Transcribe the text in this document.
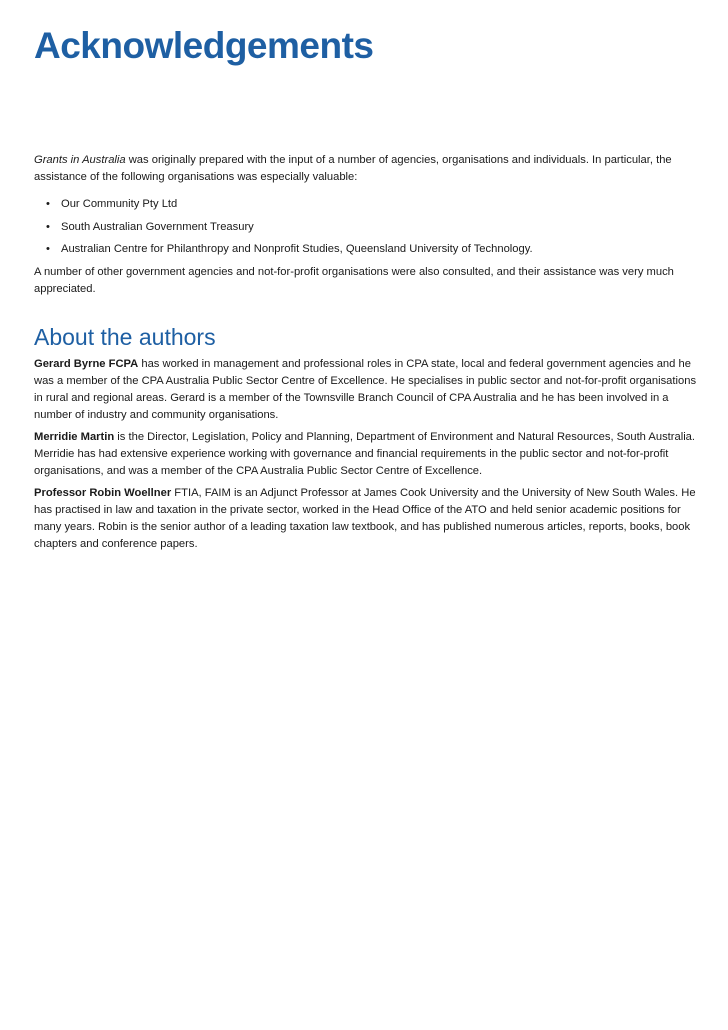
Acknowledgements

Grants in Australia was originally prepared with the input of a number of agencies, organisations and individuals. In particular, the assistance of the following organisations was especially valuable:

• Our Community Pty Ltd
• South Australian Government Treasury
• Australian Centre for Philanthropy and Nonprofit Studies, Queensland University of Technology.

A number of other government agencies and not-for-profit organisations were also consulted, and their assistance was very much appreciated.

About the authors

Gerard Byrne FCPA has worked in management and professional roles in CPA state, local and federal government agencies and he was a member of the CPA Australia Public Sector Centre of Excellence. He specialises in public sector and not-for-profit organisations in rural and regional areas. Gerard is a member of the Townsville Branch Council of CPA Australia and he has been involved in a number of industry and community organisations.

Merridie Martin is the Director, Legislation, Policy and Planning, Department of Environment and Natural Resources, South Australia. Merridie has had extensive experience working with governance and financial requirements in the public sector and not-for-profit organisations, and was a member of the CPA Australia Public Sector Centre of Excellence.

Professor Robin Woellner FTIA, FAIM is an Adjunct Professor at James Cook University and the University of New South Wales. He has practised in law and taxation in the private sector, worked in the Head Office of the ATO and held senior academic positions for many years. Robin is the senior author of a leading taxation law textbook, and has published numerous articles, reports, books, book chapters and conference papers.
